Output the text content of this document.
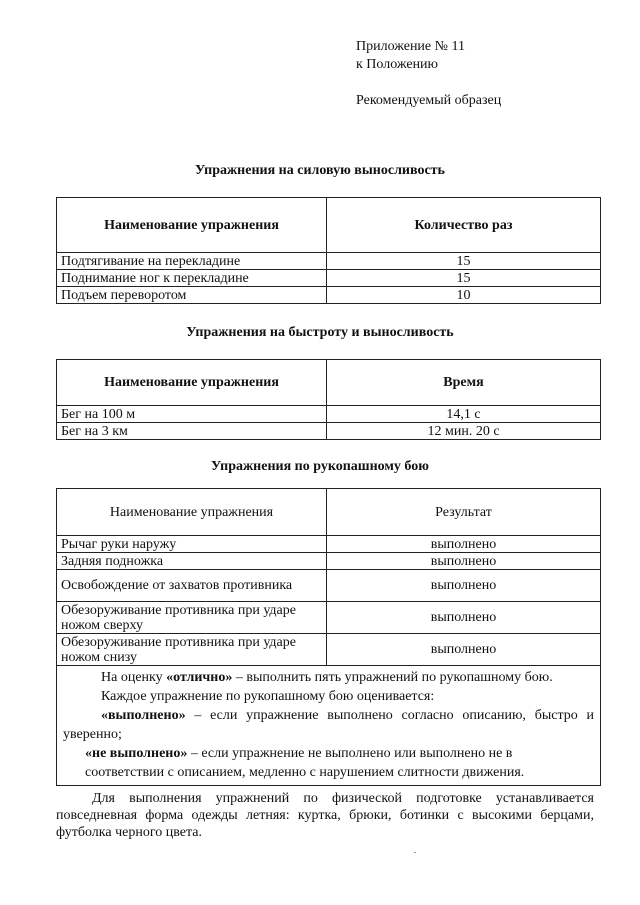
Приложение № 11
к Положению
Рекомендуемый образец
Упражнения на силовую выносливость
Наименование упражнения	Количество раз
Подтягивание на перекладине	15
Поднимание ног к перекладине	15
Подъем переворотом	10
Упражнения на быстроту и выносливость
Наименование упражнения	Время
Бег на 100 м	14,1 с
Бег на 3 км	12 мин. 20 с
Упражнения по рукопашному бою
Наименование упражнения	Результат
Рычаг руки наружу	выполнено
Задняя подножка	выполнено
Освобождение от захватов противника	выполнено
Обезоруживание противника при ударе ножом сверху	выполнено
Обезоруживание противника при ударе ножом снизу	выполнено

На оценку «отлично» – выполнить пять упражнений по рукопашному бою.

Каждое упражнение по рукопашному бою оценивается:

«выполнено» – если упражнение выполнено согласно описанию, быстро и уверенно;

«не выполнено» – если упражнение не выполнено или выполнено не в соответствии с описанием, медленно с нарушением слитности движения.	

Для выполнения упражнений по физической подготовке устанавливается повседневная форма одежды летняя: куртка, брюки, ботинки с высокими берцами, футболка черного цвета.
